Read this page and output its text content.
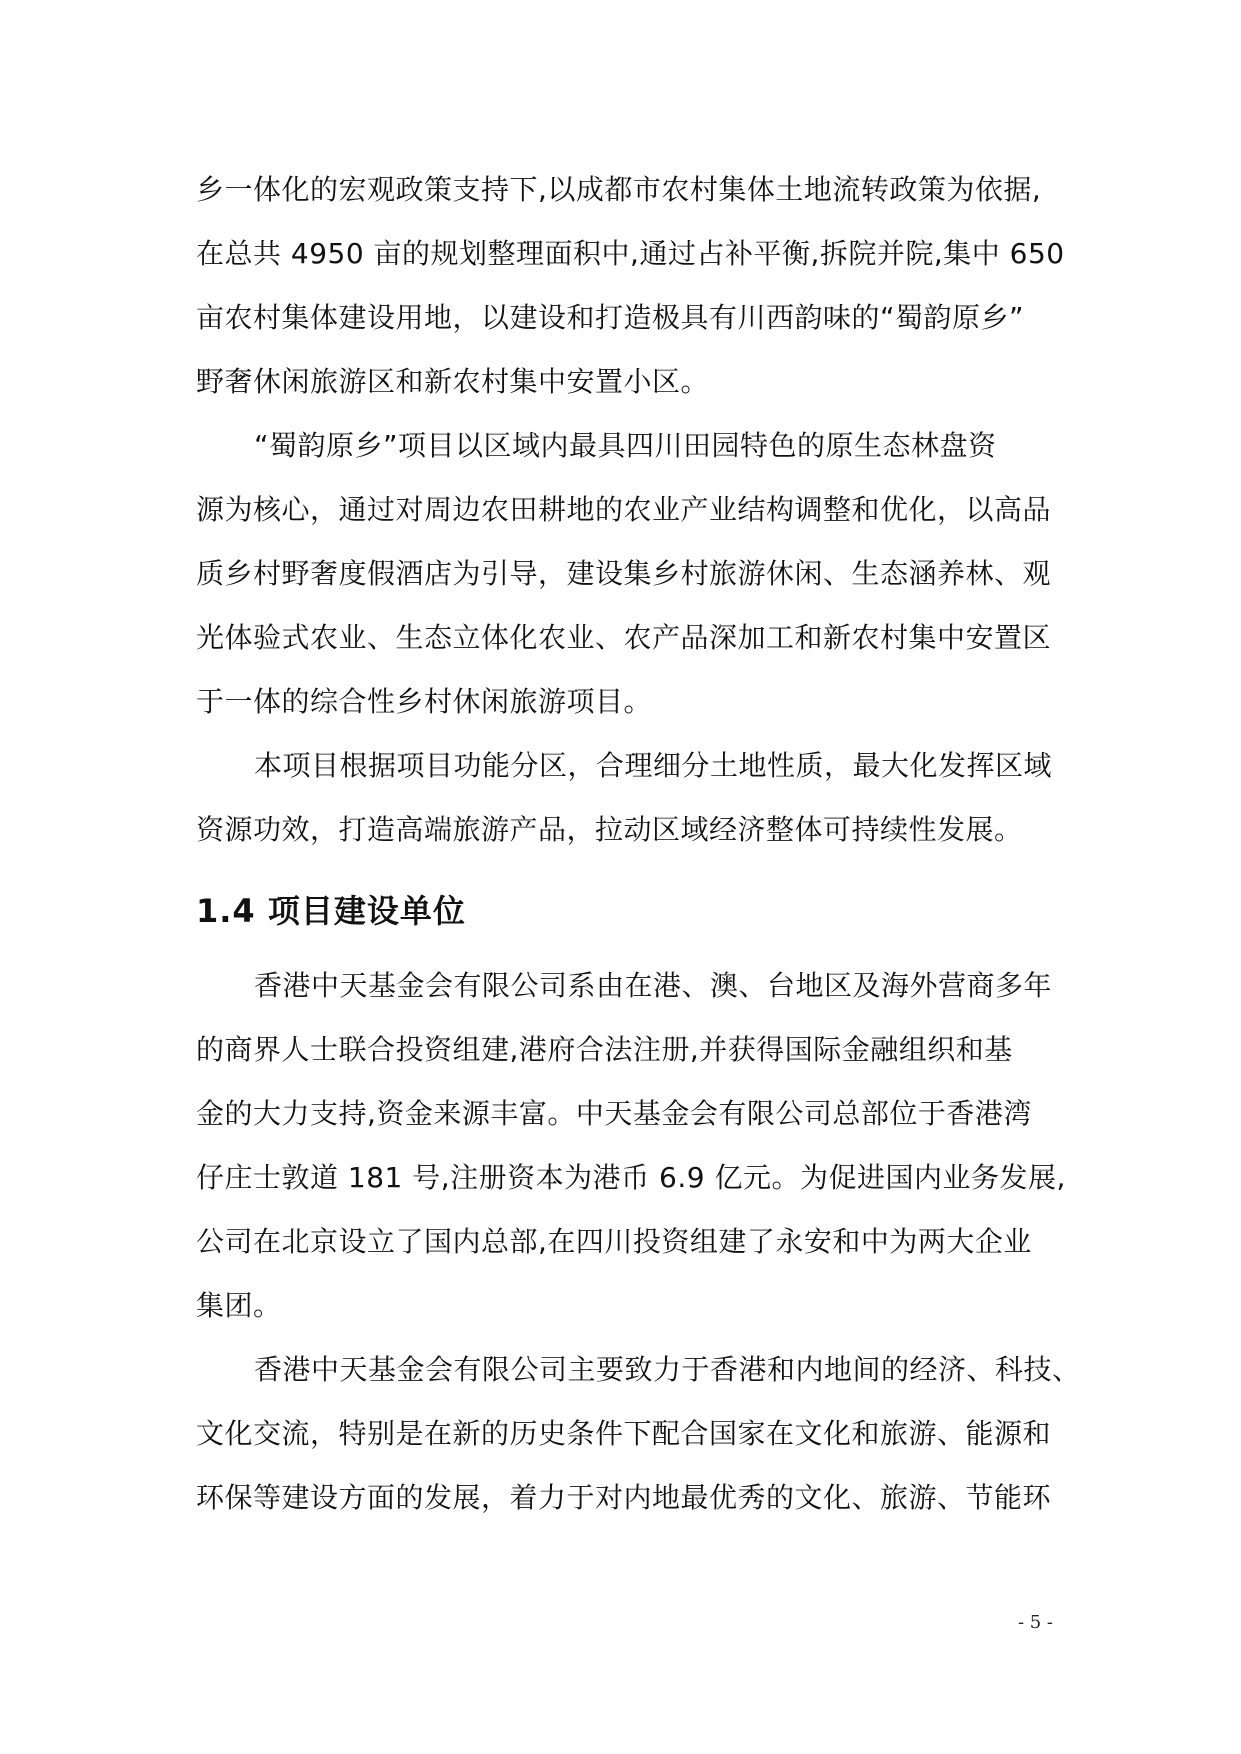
乡一体化的宏观政策支持下,以成都市农村集体土地流转政策为依据,
在总共 4950 亩的规划整理面积中,通过占补平衡,拆院并院,集中 650
亩农村集体建设用地，以建设和打造极具有川西韵味的“蜀韵原乡”
野奢休闲旅游区和新农村集中安置小区。
“蜀韵原乡”项目以区域内最具四川田园特色的原生态林盘资
源为核心，通过对周边农田耕地的农业产业结构调整和优化，以高品
质乡村野奢度假酒店为引导，建设集乡村旅游休闲、生态涵养林、观
光体验式农业、生态立体化农业、农产品深加工和新农村集中安置区
于一体的综合性乡村休闲旅游项目。
本项目根据项目功能分区，合理细分土地性质，最大化发挥区域
资源功效，打造高端旅游产品，拉动区域经济整体可持续性发展。
1.4 项目建设单位
香港中天基金会有限公司系由在港、澳、台地区及海外营商多年
的商界人士联合投资组建,港府合法注册,并获得国际金融组织和基
金的大力支持,资金来源丰富。中天基金会有限公司总部位于香港湾
仔庄士敦道 181 号,注册资本为港币 6.9 亿元。为促进国内业务发展,
公司在北京设立了国内总部,在四川投资组建了永安和中为两大企业
集团。
香港中天基金会有限公司主要致力于香港和内地间的经济、科技、
文化交流，特别是在新的历史条件下配合国家在文化和旅游、能源和
环保等建设方面的发展，着力于对内地最优秀的文化、旅游、节能环
- 5 -
